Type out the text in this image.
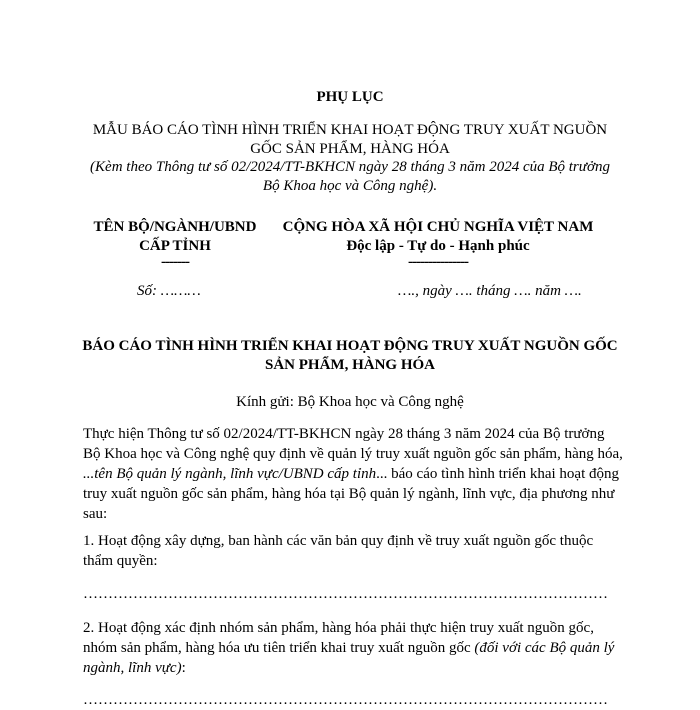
PHỤ LỤC
MẪU BÁO CÁO TÌNH HÌNH TRIỂN KHAI HOẠT ĐỘNG TRUY XUẤT NGUỒN
GỐC SẢN PHẨM, HÀNG HÓA
(Kèm theo Thông tư số 02/2024/TT-BKHCN ngày 28 tháng 3 năm 2024 của Bộ trưởng
Bộ Khoa học và Công nghệ).
TÊN BỘ/NGÀNH/UBND
CẤP TỈNH
-------
CỘNG HÒA XÃ HỘI CHỦ NGHĨA VIỆT NAM
Độc lập - Tự do - Hạnh phúc
---------------
Số: ………	…., ngày …. tháng …. năm ….
BÁO CÁO TÌNH HÌNH TRIỂN KHAI HOẠT ĐỘNG TRUY XUẤT NGUỒN GỐC
SẢN PHẨM, HÀNG HÓA
Kính gửi: Bộ Khoa học và Công nghệ
Thực hiện Thông tư số 02/2024/TT-BKHCN ngày 28 tháng 3 năm 2024 của Bộ trưởng
Bộ Khoa học và Công nghệ quy định về quản lý truy xuất nguồn gốc sản phẩm, hàng hóa,
...tên Bộ quản lý ngành, lĩnh vực/UBND cấp tỉnh... báo cáo tình hình triển khai hoạt động
truy xuất nguồn gốc sản phẩm, hàng hóa tại Bộ quản lý ngành, lĩnh vực, địa phương như
sau:
1. Hoạt động xây dựng, ban hành các văn bản quy định về truy xuất nguồn gốc thuộc
thẩm quyền:
……………………………………………………………………………………………
2. Hoạt động xác định nhóm sản phẩm, hàng hóa phải thực hiện truy xuất nguồn gốc,
nhóm sản phẩm, hàng hóa ưu tiên triển khai truy xuất nguồn gốc (đối với các Bộ quản lý
ngành, lĩnh vực):
……………………………………………………………………………………………
